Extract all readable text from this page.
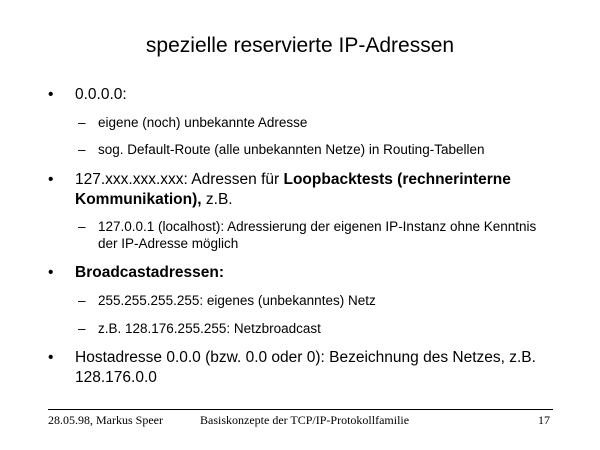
spezielle reservierte IP-Adressen
• 0.0.0.0:
– eigene (noch) unbekannte Adresse
– sog. Default-Route (alle unbekannten Netze) in Routing-Tabellen
• 127.xxx.xxx.xxx: Adressen für Loopbacktests (rechnerinterne Kommunikation), z.B.
– 127.0.0.1 (localhost): Adressierung der eigenen IP-Instanz ohne Kenntnis der IP-Adresse möglich
• Broadcastadressen:
– 255.255.255.255: eigenes (unbekanntes) Netz
– z.B. 128.176.255.255: Netzbroadcast
• Hostadresse 0.0.0 (bzw. 0.0 oder 0): Bezeichnung des Netzes, z.B. 128.176.0.0
28.05.98, Markus Speer	Basiskonzepte der TCP/IP-Protokollfamilie	17
